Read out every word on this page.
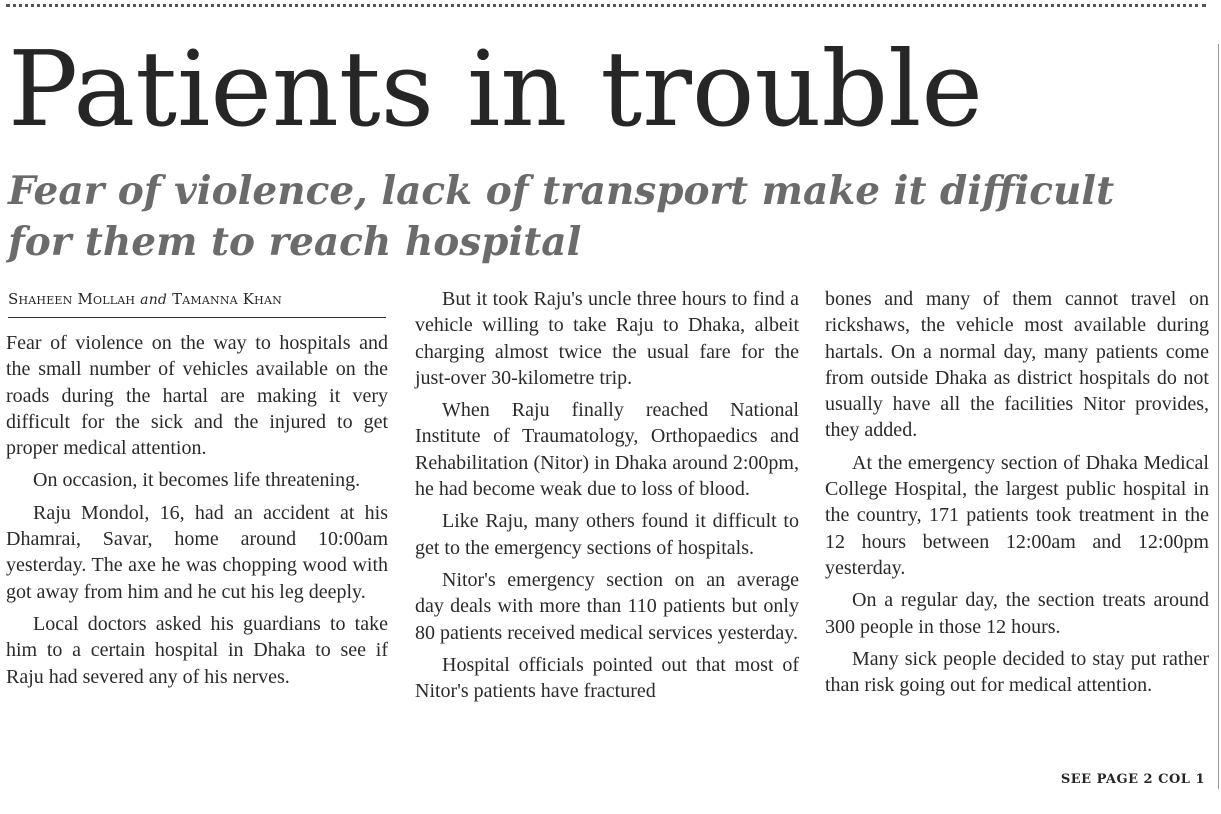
Patients in trouble
Fear of violence, lack of transport make it difficult for them to reach hospital
Shaheen Mollah and Tamanna Khan

Fear of violence on the way to hospitals and the small number of vehicles available on the roads during the hartal are making it very difficult for the sick and the injured to get proper medical attention.

On occasion, it becomes life threatening.

Raju Mondol, 16, had an accident at his Dhamrai, Savar, home around 10:00am yesterday. The axe he was chopping wood with got away from him and he cut his leg deeply.

Local doctors asked his guardians to take him to a certain hospital in Dhaka to see if Raju had severed any of his nerves.

But it took Raju's uncle three hours to find a vehicle willing to take Raju to Dhaka, albeit charging almost twice the usual fare for the just-over 30-kilometre trip.

When Raju finally reached National Institute of Traumatology, Orthopaedics and Rehabilitation (Nitor) in Dhaka around 2:00pm, he had become weak due to loss of blood.

Like Raju, many others found it difficult to get to the emergency sections of hospitals.

Nitor's emergency section on an average day deals with more than 110 patients but only 80 patients received medical services yesterday.

Hospital officials pointed out that most of Nitor's patients have fractured

bones and many of them cannot travel on rickshaws, the vehicle most available during hartals. On a normal day, many patients come from outside Dhaka as district hospitals do not usually have all the facilities Nitor provides, they added.

At the emergency section of Dhaka Medical College Hospital, the largest public hospital in the country, 171 patients took treatment in the 12 hours between 12:00am and 12:00pm yesterday.

On a regular day, the section treats around 300 people in those 12 hours.

Many sick people decided to stay put rather than risk going out for medical attention.

SEE PAGE 2 COL 1
